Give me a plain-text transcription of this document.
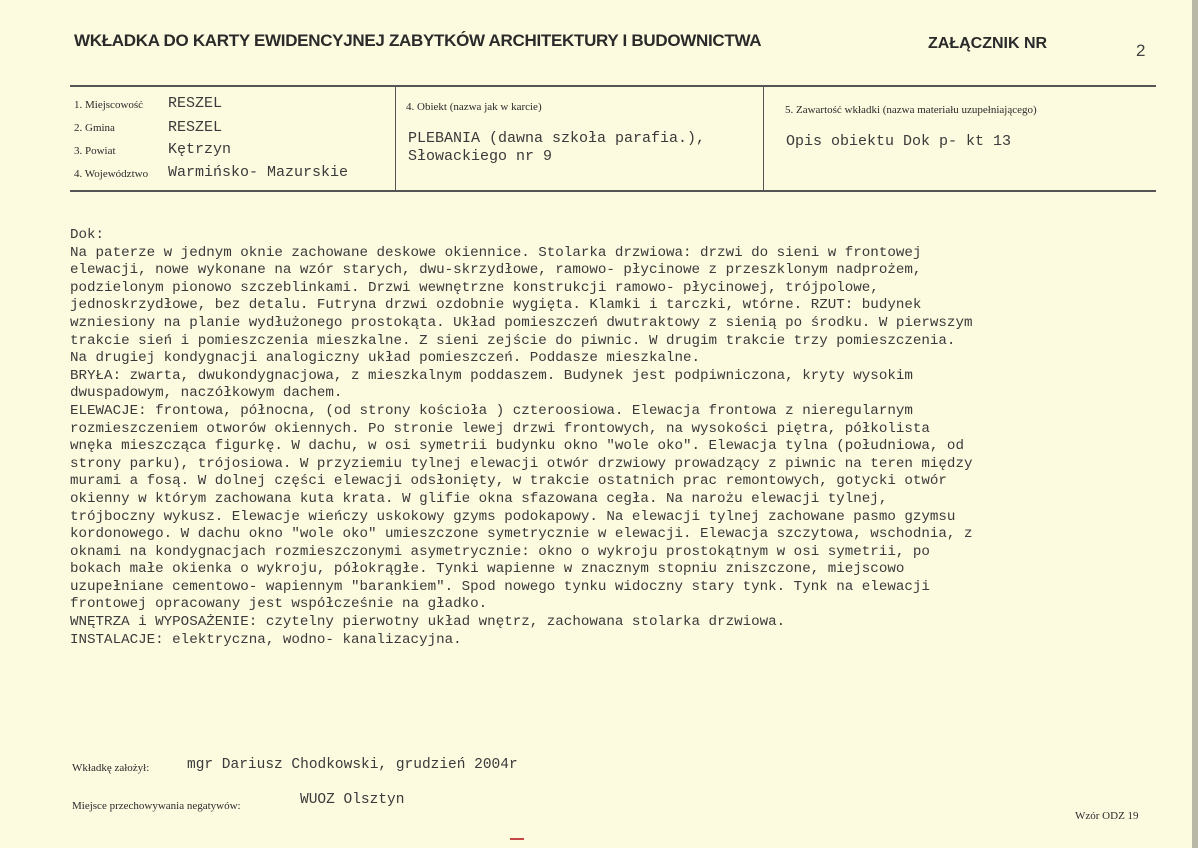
WKŁADKA DO KARTY EWIDENCYJNEJ ZABYTKÓW ARCHITEKTURY I BUDOWNICTWA	ZAŁĄCZNIK NR	2
1. Miejscowość RESZEL
2. Gmina	RESZEL
3. Powiat	Kętrzyn
4. Województwo Warmińsko- Mazurskie
4. Obiekt (nazwa jak w karcie)
PLEBANIA (dawna szkoła parafia.),
Słowackiego nr 9
5. Zawartość wkładki (nazwa materiału uzupełniającego)
Opis obiektu Dok p- kt 13
Dok:
Na paterze w jednym oknie zachowane deskowe okiennice. Stolarka drzwiowa: drzwi do sieni w frontowej
elewacji, nowe wykonane na wzór starych, dwu-skrzydłowe, ramowo- płycinowe z przeszklonym nadprożem,
podzielonym pionowo szczeblinkami. Drzwi wewnętrzne konstrukcji ramowo- płycinowej, trójpolowe,
jednoskrzydłowe, bez detalu. Futryna drzwi ozdobnie wygięta. Klamki i tarczki, wtórne. RZUT: budynek
wzniesiony na planie wydłużonego prostokąta. Układ pomieszczeń dwutraktowy z sienią po środku. W pierwszym
trakcie sień i pomieszczenia mieszkalne. Z sieni zejście do piwnic. W drugim trakcie trzy pomieszczenia.
Na drugiej kondygnacji analogiczny układ pomieszczeń. Poddasze mieszkalne.
BRYŁA: zwarta, dwukondygnacjowa, z mieszkalnym poddaszem. Budynek jest podpiwniczona, kryty wysokim
dwuspadowym, naczółkowym dachem.
ELEWACJE: frontowa, północna, (od strony kościoła ) czteroosiowa. Elewacja frontowa z nieregularnym
rozmieszczeniem otworów okiennych. Po stronie lewej drzwi frontowych, na wysokości piętra, półkolista
wnęka mieszcząca figurkę. W dachu, w osi symetrii budynku okno "wole oko". Elewacja tylna (południowa, od
strony parku), trójosiowa. W przyziemiu tylnej elewacji otwór drzwiowy prowadzący z piwnic na teren między
murami a fosą. W dolnej części elewacji odsłonięty, w trakcie ostatnich prac remontowych, gotycki otwór
okienny w którym zachowana kuta krata. W glifie okna sfazowana cegła. Na narożu elewacji tylnej,
trójboczny wykusz. Elewacje wieńczy uskokowy gzyms podokapowy. Na elewacji tylnej zachowane pasmo gzymsu
kordonowego. W dachu okno "wole oko" umieszczone symetrycznie w elewacji. Elewacja szczytowa, wschodnia, z
oknami na kondygnacjach rozmieszczonymi asymetrycznie: okno o wykroju prostokątnym w osi symetrii, po
bokach małe okienka o wykroju, półokrągłe. Tynki wapienne w znacznym stopniu zniszczone, miejscowo
uzupełniane cementowo- wapiennym "barankiem". Spod nowego tynku widoczny stary tynk. Tynk na elewacji
frontowej opracowany jest współcześnie na gładko.
WNĘTRZA i WYPOSAŻENIE: czytelny pierwotny układ wnętrz, zachowana stolarka drzwiowa.
INSTALACJE: elektryczna, wodno- kanalizacyjna.
Wkładkę założył:	mgr Dariusz Chodkowski, grudzień 2004r
Miejsce przechowywania negatywów:	WUOZ Olsztyn
Wzór ODZ 19
